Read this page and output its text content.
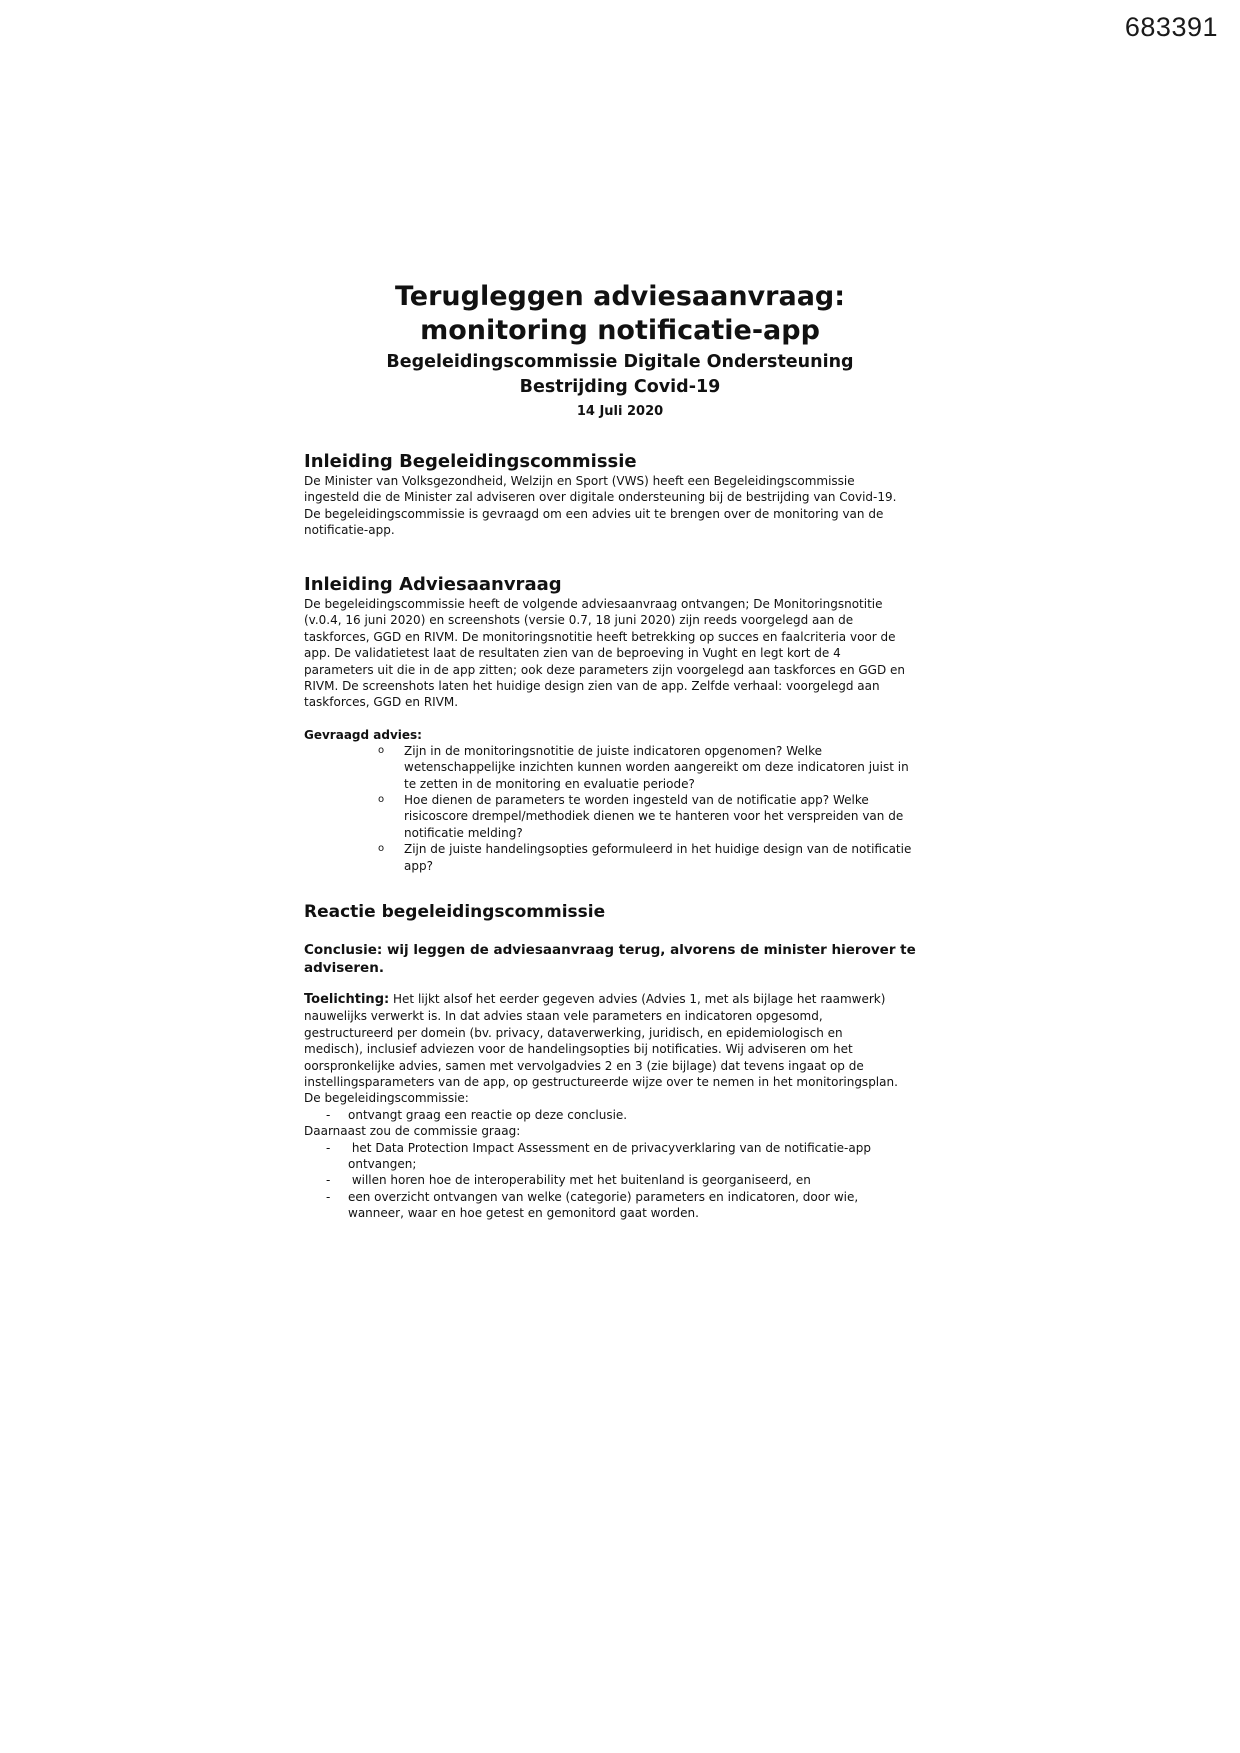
683391

Terugleggen adviesaanvraag:

monitoring notificatie-app

Begeleidingscommissie Digitale Ondersteuning

Bestrijding Covid-19

14 Juli 2020
Inleiding Begeleidingscommissie

De Minister van Volksgezondheid, Welzijn en Sport (VWS) heeft een Begeleidingscommissie

ingesteld die de Minister zal adviseren over digitale ondersteuning bij de bestrijding van Covid-19.

De begeleidingscommissie is gevraagd om een advies uit te brengen over de monitoring van de

notificatie-app.

Inleiding Adviesaanvraag

De begeleidingscommissie heeft de volgende adviesaanvraag ontvangen; De Monitoringsnotitie

(v.0.4, 16 juni 2020) en screenshots (versie 0.7, 18 juni 2020) zijn reeds voorgelegd aan de

taskforces, GGD en RIVM. De monitoringsnotitie heeft betrekking op succes en faalcriteria voor de

app. De validatietest laat de resultaten zien van de beproeving in Vught en legt kort de 4

parameters uit die in de app zitten; ook deze parameters zijn voorgelegd aan taskforces en GGD en

RIVM. De screenshots laten het huidige design zien van de app. Zelfde verhaal: voorgelegd aan

taskforces, GGD en RIVM.

Gevraagd advies:

o Zijn in de monitoringsnotitie de juiste indicatoren opgenomen? Welke

wetenschappelijke inzichten kunnen worden aangereikt om deze indicatoren juist in

te zetten in de monitoring en evaluatie periode?

o Hoe dienen de parameters te worden ingesteld van de notificatie app? Welke

risicoscore drempel/methodiek dienen we te hanteren voor het verspreiden van de

notificatie melding?

o Zijn de juiste handelingsopties geformuleerd in het huidige design van de notificatie

app?

Reactie begeleidingscommissie

Conclusie: wij leggen de adviesaanvraag terug, alvorens de minister hierover te

adviseren.

Toelichting: Het lijkt alsof het eerder gegeven advies (Advies 1, met als bijlage het raamwerk)

nauwelijks verwerkt is. In dat advies staan vele parameters en indicatoren opgesomd,

gestructureerd per domein (bv. privacy, dataverwerking, juridisch, en epidemiologisch en

medisch), inclusief adviezen voor de handelingsopties bij notificaties. Wij adviseren om het

oorspronkelijke advies, samen met vervolgadvies 2 en 3 (zie bijlage) dat tevens ingaat op de

instellingsparameters van de app, op gestructureerde wijze over te nemen in het monitoringsplan.

De begeleidingscommissie:

- ontvangt graag een reactie op deze conclusie.

Daarnaast zou de commissie graag:

- het Data Protection Impact Assessment en de privacyverklaring van de notificatie-app

ontvangen;

- willen horen hoe de interoperability met het buitenland is georganiseerd, en

- een overzicht ontvangen van welke (categorie) parameters en indicatoren, door wie,

wanneer, waar en hoe getest en gemonitord gaat worden.
